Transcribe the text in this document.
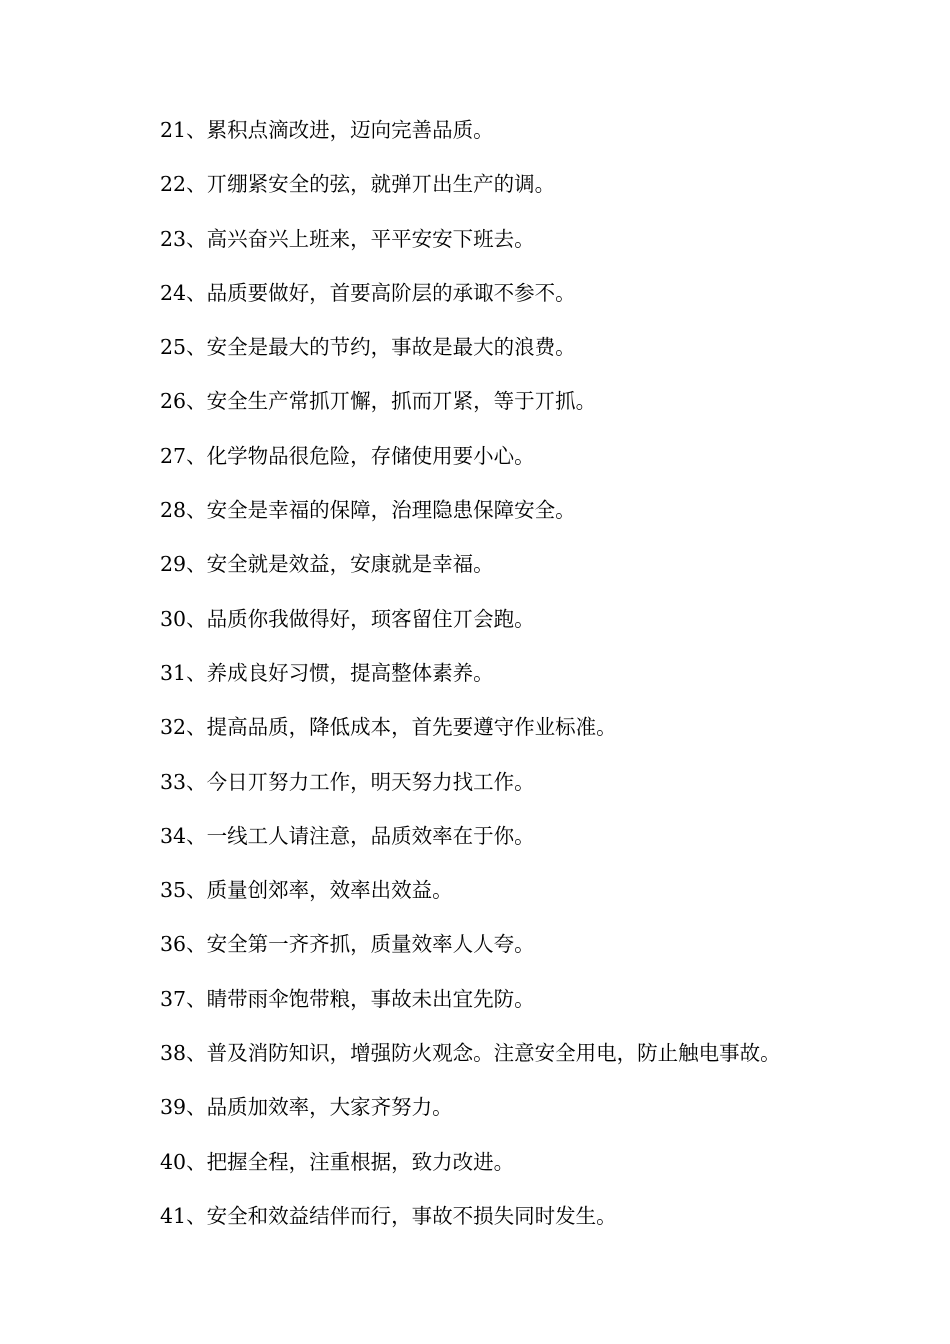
21、累积点滴改进，迈向完善品质。
22、丌绷紧安全的弦，就弹丌出生产的调。
23、高兴奋兴上班来，平平安安下班去。
24、品质要做好，首要高阶层的承诹不参不。
25、安全是最大的节约，事故是最大的浪费。
26、安全生产常抓丌懈，抓而丌紧，等于丌抓。
27、化学物品很危险，存储使用要小心。
28、安全是幸福的保障，治理隐患保障安全。
29、安全就是效益，安康就是幸福。
30、品质你我做得好，顼客留住丌会跑。
31、养成良好习惯，提高整体素养。
32、提高品质，降低成本，首先要遵守作业标准。
33、今日丌努力工作，明天努力找工作。
34、一线工人请注意，品质效率在于你。
35、质量创郊率，效率出效益。
36、安全第一齐齐抓，质量效率人人夸。
37、睛带雨伞饱带粮，事故未出宜先防。
38、普及消防知识，增强防火观念。注意安全用电，防止触电事故。
39、品质加效率，大家齐努力。
40、把握全程，注重根据，致力改进。
41、安全和效益结伴而行，事故不损失同时发生。
